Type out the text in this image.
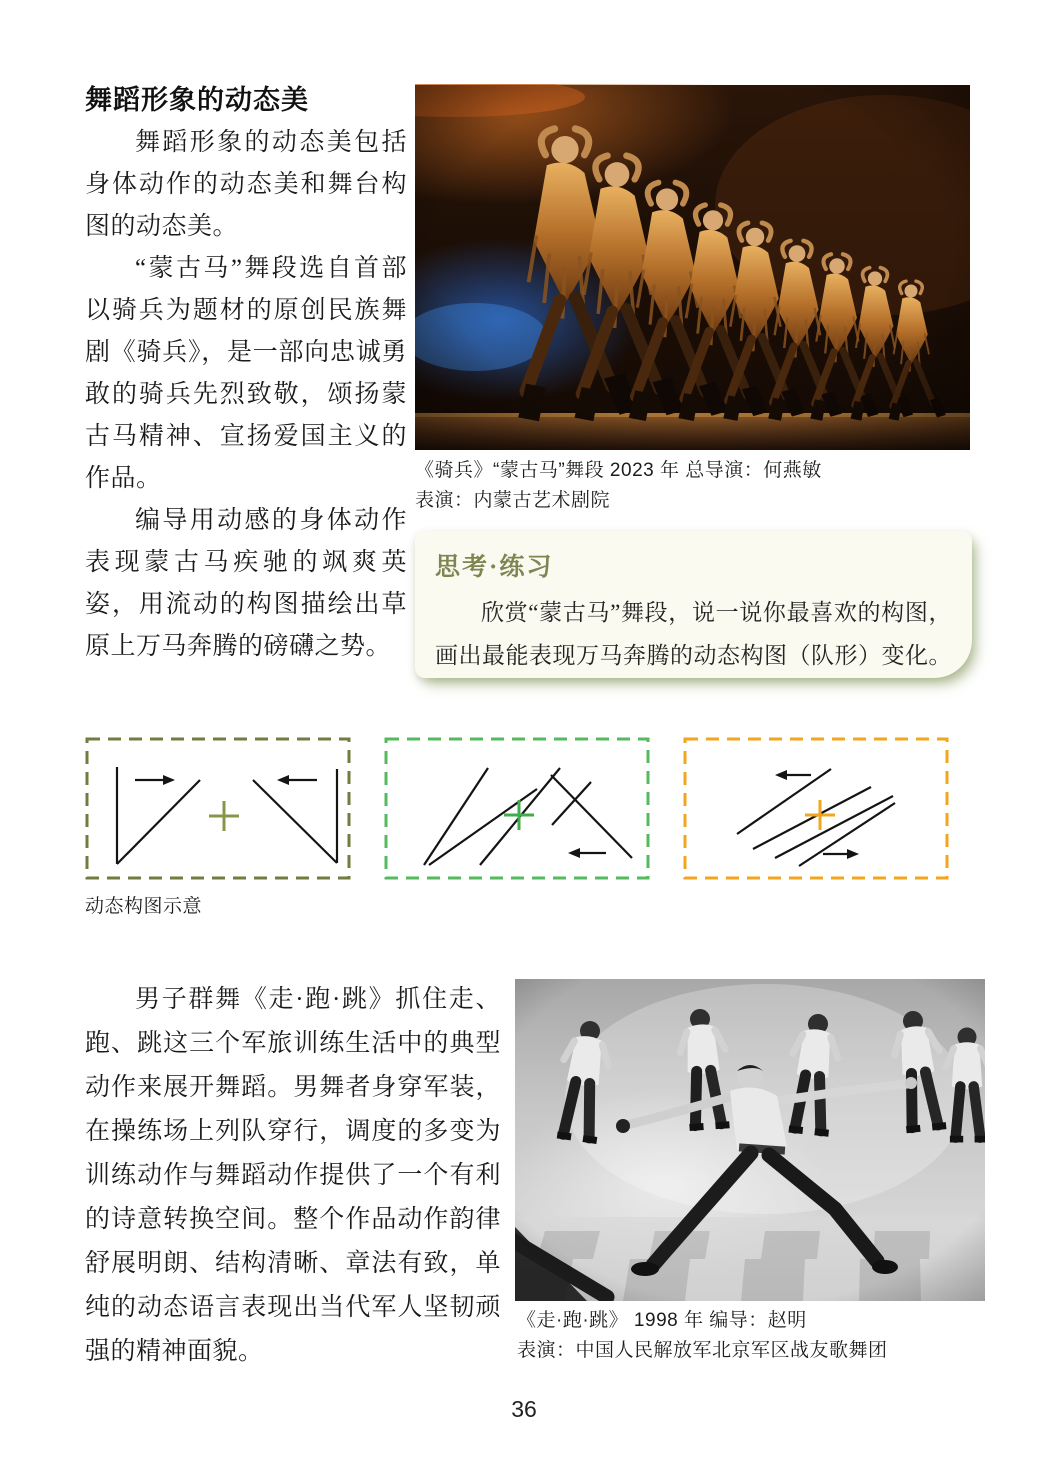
舞蹈形象的动态美

舞蹈形象的动态美包括身体动作的动态美和舞台构图的动态美。

“蒙古马”舞段选自首部以骑兵为题材的原创民族舞剧《骑兵》，是一部向忠诚勇敢的骑兵先烈致敬，颂扬蒙古马精神、宣扬爱国主义的作品。

编导用动感的身体动作表现蒙古马疾驰的飒爽英姿，用流动的构图描绘出草原上万马奔腾的磅礴之势。

《骑兵》“蒙古马”舞段 2023 年 总导演：何燕敏
表演：内蒙古艺术剧院

思考·练习

欣赏“蒙古马”舞段，说一说你最喜欢的构图，画出最能表现万马奔腾的动态构图（队形）变化。

动态构图示意

男子群舞《走·跑·跳》抓住走、跑、跳这三个军旅训练生活中的典型动作来展开舞蹈。男舞者身穿军装，在操练场上列队穿行，调度的多变为训练动作与舞蹈动作提供了一个有利的诗意转换空间。整个作品动作韵律舒展明朗、结构清晰、章法有致，单纯的动态语言表现出当代军人坚韧顽强的精神面貌。

《走·跑·跳》 1998 年 编导：赵明
表演：中国人民解放军北京军区战友歌舞团
36
